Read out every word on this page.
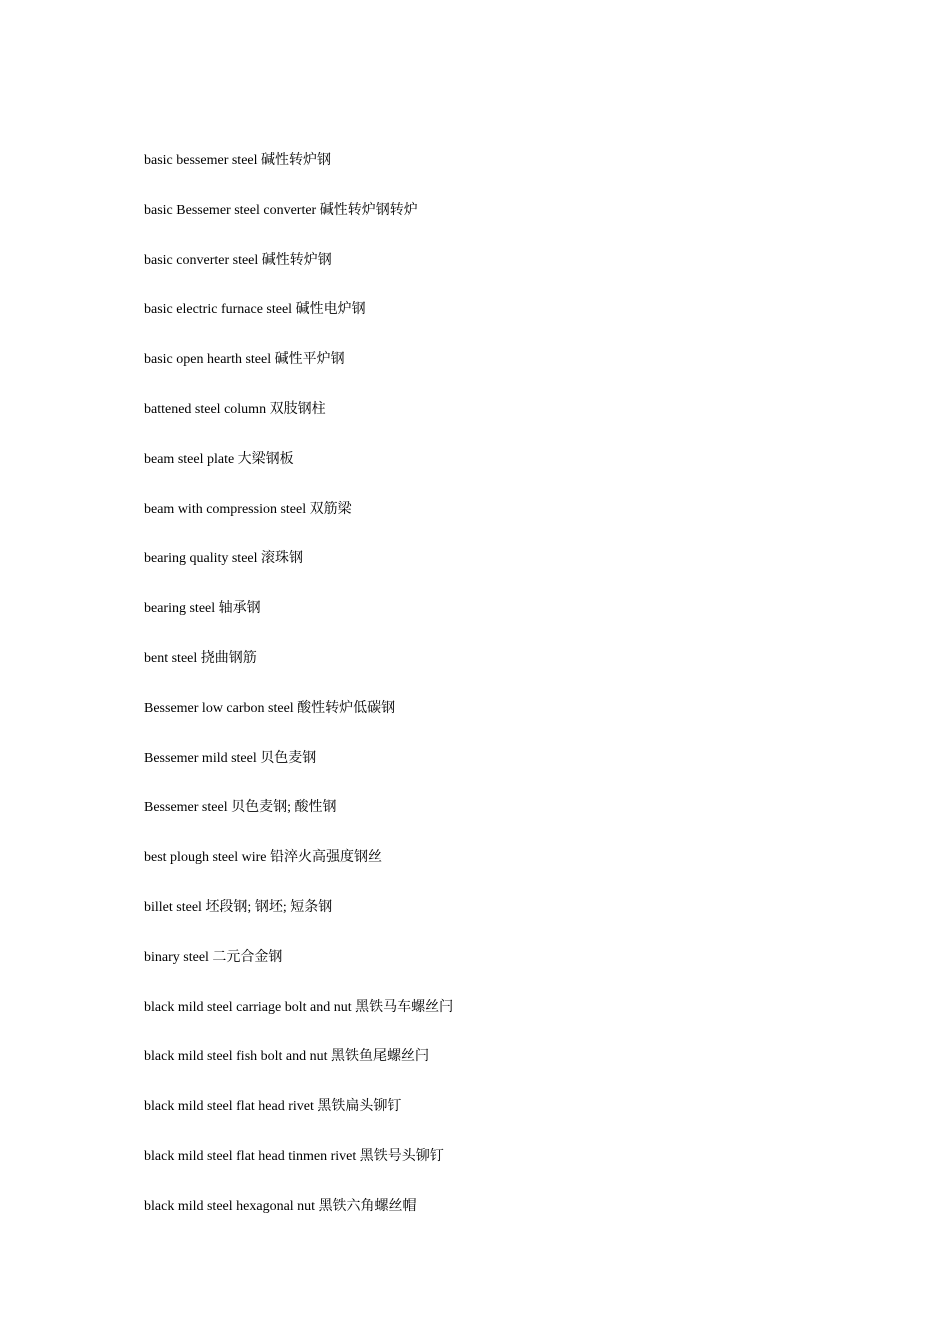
basic bessemer steel 碱性转炉钢
basic Bessemer steel converter 碱性转炉钢转炉
basic converter steel 碱性转炉钢
basic electric furnace steel 碱性电炉钢
basic open hearth steel 碱性平炉钢
battened steel column 双肢钢柱
beam steel plate 大梁钢板
beam with compression steel 双筋梁
bearing quality steel 滚珠钢
bearing steel 轴承钢
bent steel 挠曲钢筋
Bessemer low carbon steel 酸性转炉低碳钢
Bessemer mild steel 贝色麦钢
Bessemer steel 贝色麦钢; 酸性钢
best plough steel wire 铅淬火高强度钢丝
billet steel 坯段钢; 钢坯; 短条钢
binary steel 二元合金钢
black mild steel carriage bolt and nut 黑铁马车螺丝闩
black mild steel fish bolt and nut 黑铁鱼尾螺丝闩
black mild steel flat head rivet 黑铁扁头铆钉
black mild steel flat head tinmen rivet 黑铁号头铆钉
black mild steel hexagonal nut 黑铁六角螺丝帽
